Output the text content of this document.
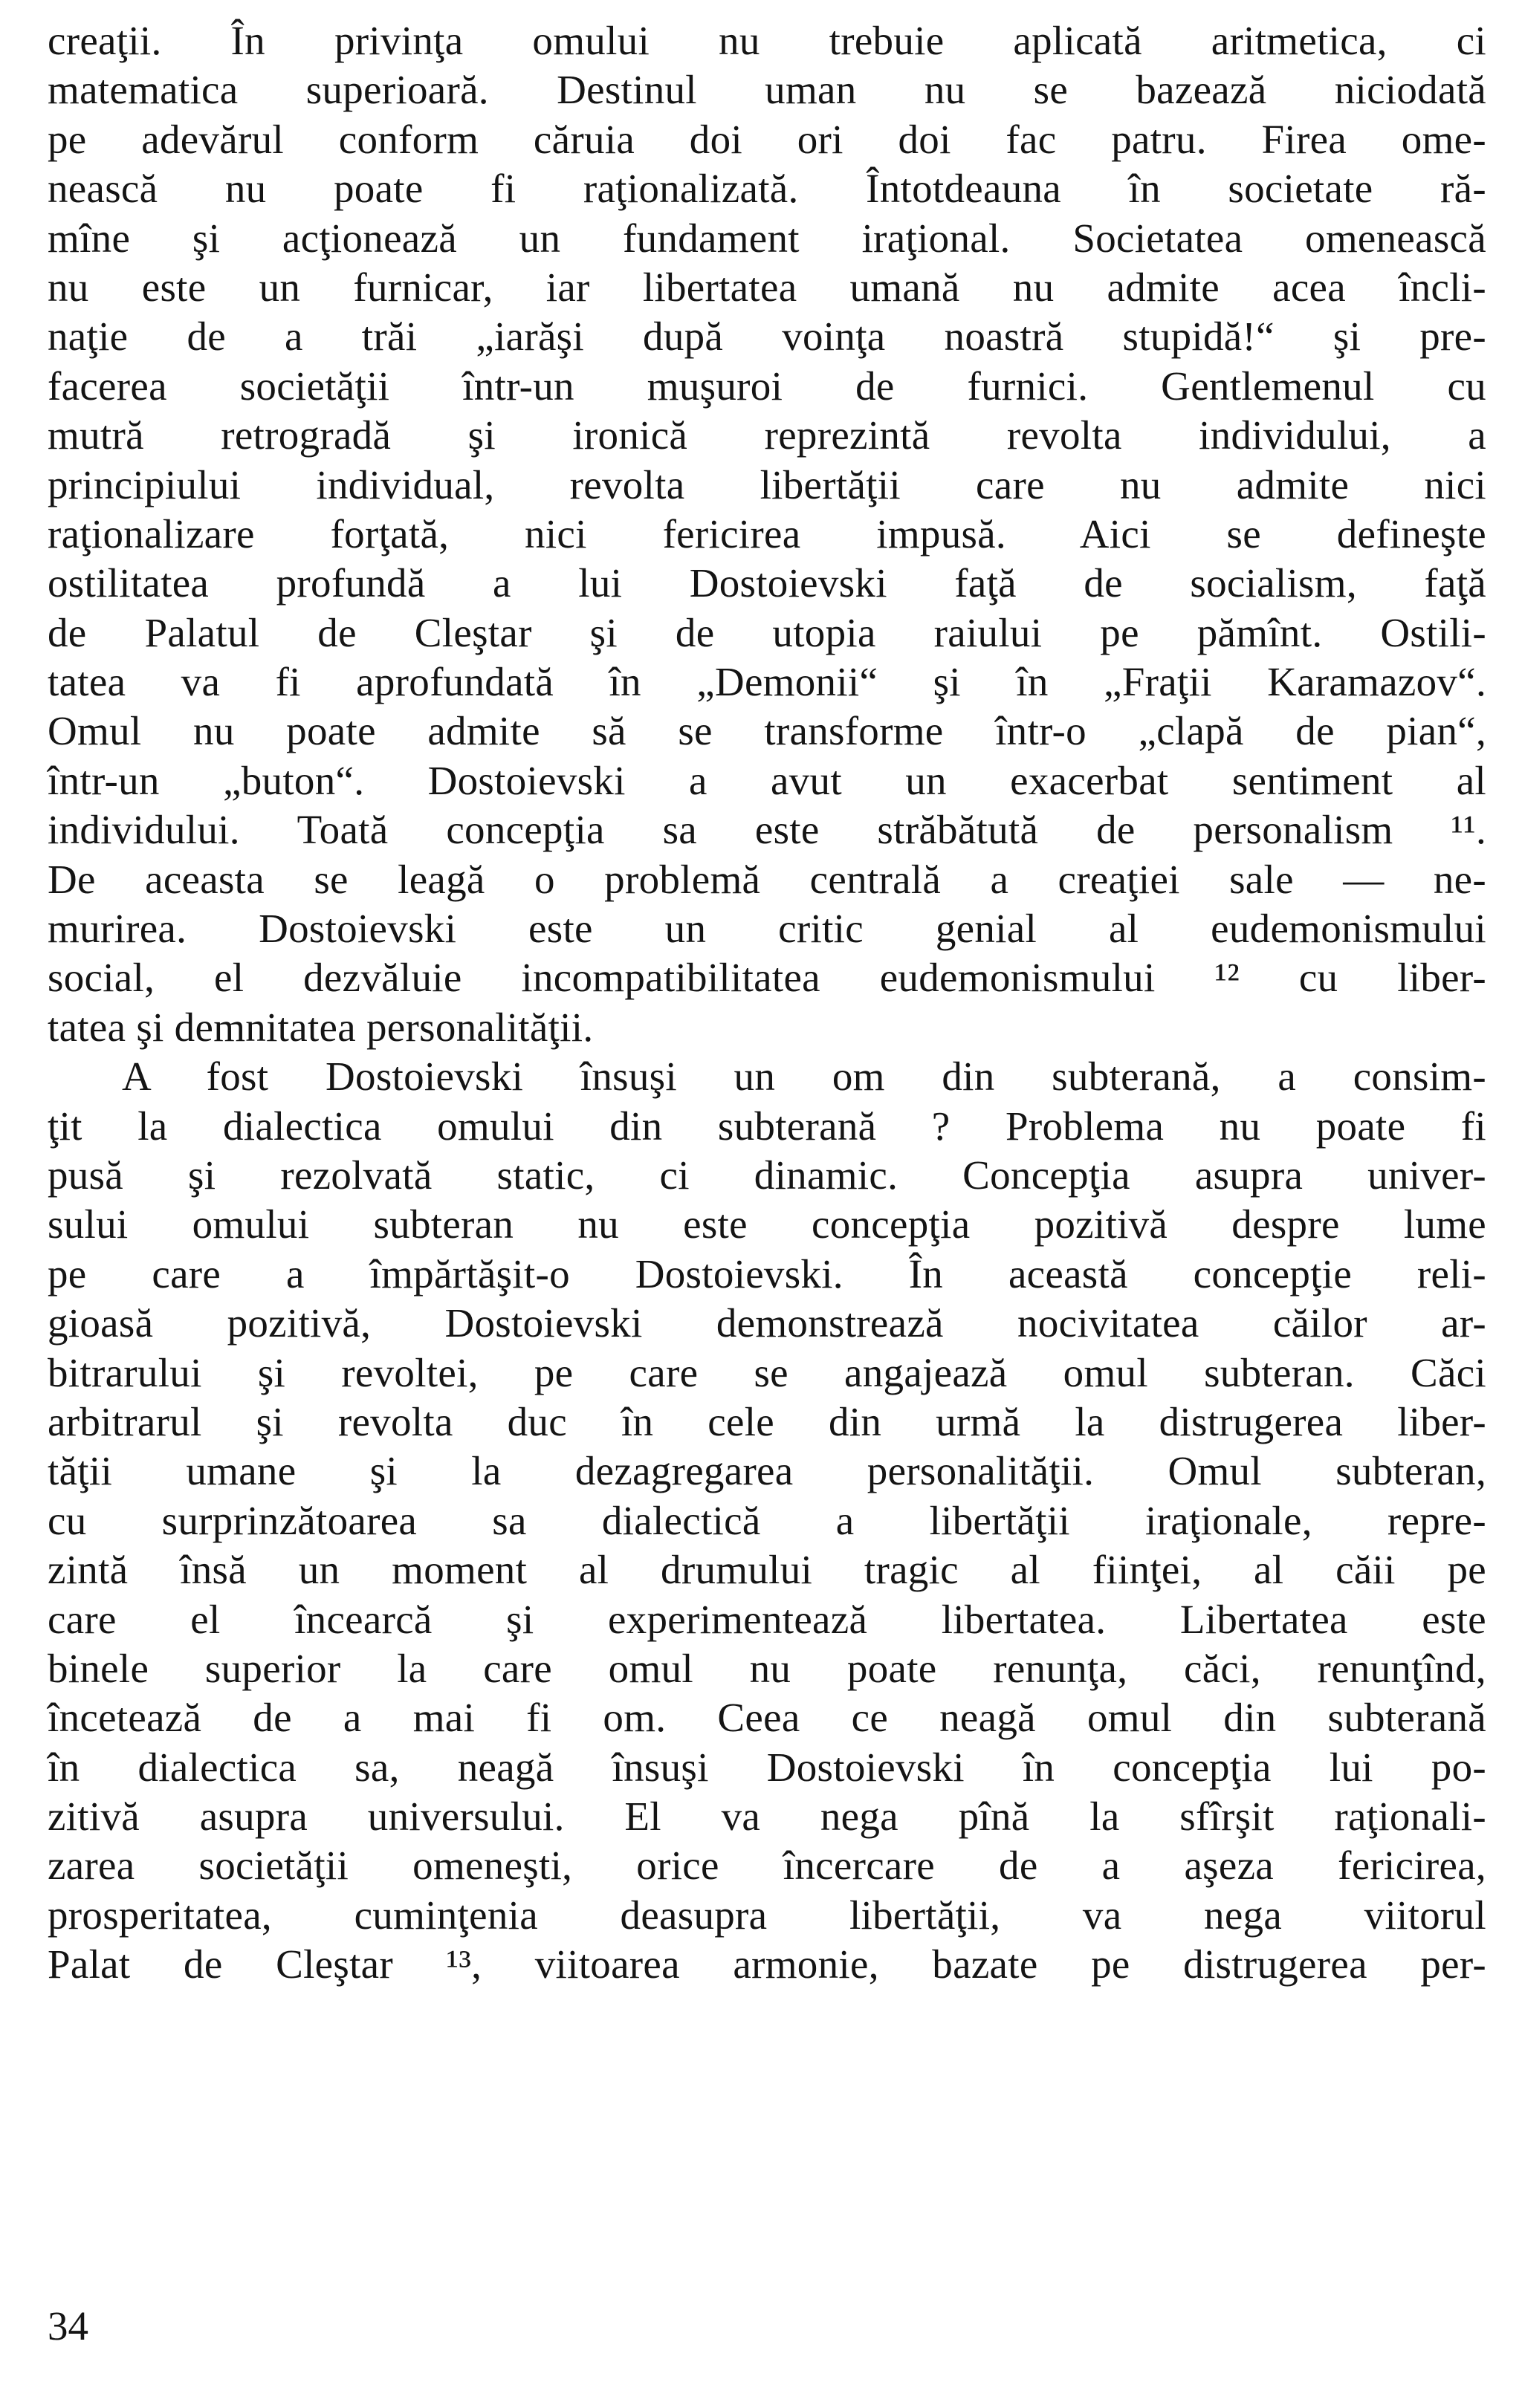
creaţii. În privinţa omului nu trebuie aplicată aritmetica, ci
matematica superioară. Destinul uman nu se bazează niciodată
pe adevărul conform căruia doi ori doi fac patru. Firea ome-
nească nu poate fi raţionalizată. Întotdeauna în societate ră-
mîne şi acţionează un fundament iraţional. Societatea omenească
nu este un furnicar, iar libertatea umană nu admite acea încli-
naţie de a trăi „iarăşi după voinţa noastră stupidă!“ şi pre-
facerea societăţii într-un muşuroi de furnici. Gentlemenul cu
mutră retrogradă şi ironică reprezintă revolta individului, a
principiului individual, revolta libertăţii care nu admite nici
raţionalizare forţată, nici fericirea impusă. Aici se defineşte
ostilitatea profundă a lui Dostoievski faţă de socialism, faţă
de Palatul de Cleştar şi de utopia raiului pe pămînt. Ostili-
tatea va fi aprofundată în „Demonii“ şi în „Fraţii Karamazov“.
Omul nu poate admite să se transforme într-o „clapă de pian“,
într-un „buton“. Dostoievski a avut un exacerbat sentiment al
individului. Toată concepţia sa este străbătută de personalism ¹¹.
De aceasta se leagă o problemă centrală a creaţiei sale — ne-
murirea. Dostoievski este un critic genial al eudemonismului
social, el dezvăluie incompatibilitatea eudemonismului ¹² cu liber-
tatea şi demnitatea personalităţii.
A fost Dostoievski însuşi un om din subterană, a consim-
ţit la dialectica omului din subterană ? Problema nu poate fi
pusă şi rezolvată static, ci dinamic. Concepţia asupra univer-
sului omului subteran nu este concepţia pozitivă despre lume
pe care a împărtăşit-o Dostoievski. În această concepţie reli-
gioasă pozitivă, Dostoievski demonstrează nocivitatea căilor ar-
bitrarului şi revoltei, pe care se angajează omul subteran. Căci
arbitrarul şi revolta duc în cele din urmă la distrugerea liber-
tăţii umane şi la dezagregarea personalităţii. Omul subteran,
cu surprinzătoarea sa dialectică a libertăţii iraţionale, repre-
zintă însă un moment al drumului tragic al fiinţei, al căii pe
care el încearcă şi experimentează libertatea. Libertatea este
binele superior la care omul nu poate renunţa, căci, renunţînd,
încetează de a mai fi om. Ceea ce neagă omul din subterană
în dialectica sa, neagă însuşi Dostoievski în concepţia lui po-
zitivă asupra universului. El va nega pînă la sfîrşit raţionali-
zarea societăţii omeneşti, orice încercare de a aşeza fericirea,
prosperitatea, cuminţenia deasupra libertăţii, va nega viitorul
Palat de Cleştar ¹³, viitoarea armonie, bazate pe distrugerea per-
34
